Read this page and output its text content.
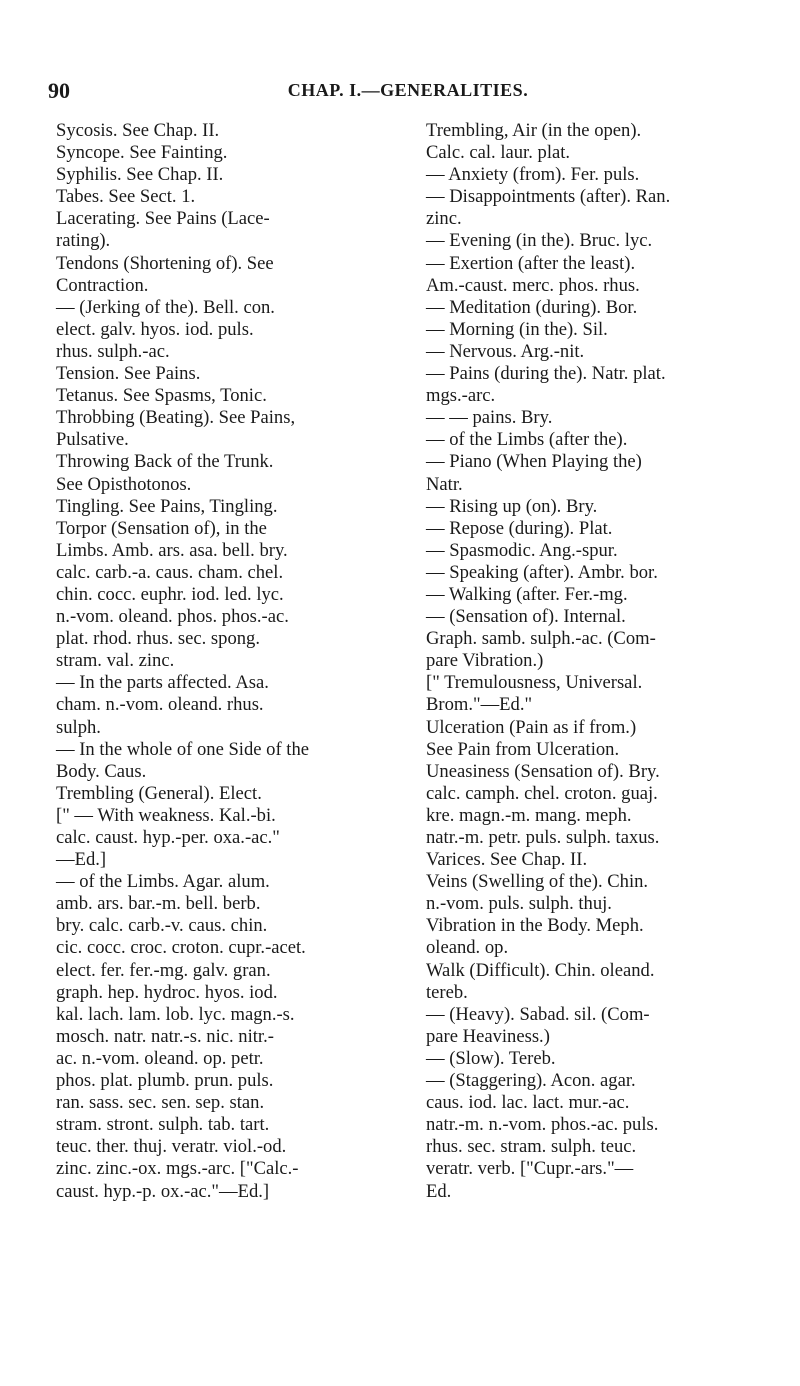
90	CHAP. I.—GENERALITIES.
Sycosis. See Chap. II.
Syncope. See Fainting.
Syphilis. See Chap. II.
Tabes. See Sect. 1.
Lacerating. See Pains (Lace-
rating).
Tendons (Shortening of). See
Contraction.
— (Jerking of the). Bell. con.
elect. galv. hyos. iod. puls.
rhus. sulph.-ac.
Tension. See Pains.
Tetanus. See Spasms, Tonic.
Throbbing (Beating). See Pains,
Pulsative.
Throwing Back of the Trunk.
See Opisthotonos.
Tingling. See Pains, Tingling.
Torpor (Sensation of), in the
Limbs. Amb. ars. asa. bell. bry.
calc. carb.-a. caus. cham. chel.
chin. cocc. euphr. iod. led. lyc.
n.-vom. oleand. phos. phos.-ac.
plat. rhod. rhus. sec. spong.
stram. val. zinc.
— In the parts affected. Asa.
cham. n.-vom. oleand. rhus.
sulph.
— In the whole of one Side of the
Body. Caus.
Trembling (General). Elect.
[" — With weakness. Kal.-bi.
calc. caust. hyp.-per. oxa.-ac."
—Ed.]
— of the Limbs. Agar. alum.
amb. ars. bar.-m. bell. berb.
bry. calc. carb.-v. caus. chin.
cic. cocc. croc. croton. cupr.-acet.
elect. fer. fer.-mg. galv. gran.
graph. hep. hydroc. hyos. iod.
kal. lach. lam. lob. lyc. magn.-s.
mosch. natr. natr.-s. nic. nitr.-
ac. n.-vom. oleand. op. petr.
phos. plat. plumb. prun. puls.
ran. sass. sec. sen. sep. stan.
stram. stront. sulph. tab. tart.
teuc. ther. thuj. veratr. viol.-od.
zinc. zinc.-ox. mgs.-arc. ["Calc.-
caust. hyp.-p. ox.-ac."—Ed.]
Trembling, Air (in the open).
Calc. cal. laur. plat.
— Anxiety (from). Fer. puls.
— Disappointments (after). Ran.
zinc.
— Evening (in the). Bruc. lyc.
— Exertion (after the least).
Am.-caust. merc. phos. rhus.
— Meditation (during). Bor.
— Morning (in the). Sil.
— Nervous. Arg.-nit.
— Pains (during the). Natr. plat.
mgs.-arc.
— — pains. Bry.
— of the Limbs (after the).
— Piano (When Playing the)
Natr.
— Rising up (on). Bry.
— Repose (during). Plat.
— Spasmodic. Ang.-spur.
— Speaking (after). Ambr. bor.
— Walking (after. Fer.-mg.
— (Sensation of). Internal.
Graph. samb. sulph.-ac. (Com-
pare Vibration.)
[" Tremulousness, Universal.
Brom."—Ed."
Ulceration (Pain as if from.)
See Pain from Ulceration.
Uneasiness (Sensation of). Bry.
calc. camph. chel. croton. guaj.
kre. magn.-m. mang. meph.
natr.-m. petr. puls. sulph. taxus.
Varices. See Chap. II.
Veins (Swelling of the). Chin.
n.-vom. puls. sulph. thuj.
Vibration in the Body. Meph.
oleand. op.
Walk (Difficult). Chin. oleand.
tereb.
— (Heavy). Sabad. sil. (Com-
pare Heaviness.)
— (Slow). Tereb.
— (Staggering). Acon. agar.
caus. iod. lac. lact. mur.-ac.
natr.-m. n.-vom. phos.-ac. puls.
rhus. sec. stram. sulph. teuc.
veratr. verb. ["Cupr.-ars."—
Ed.
